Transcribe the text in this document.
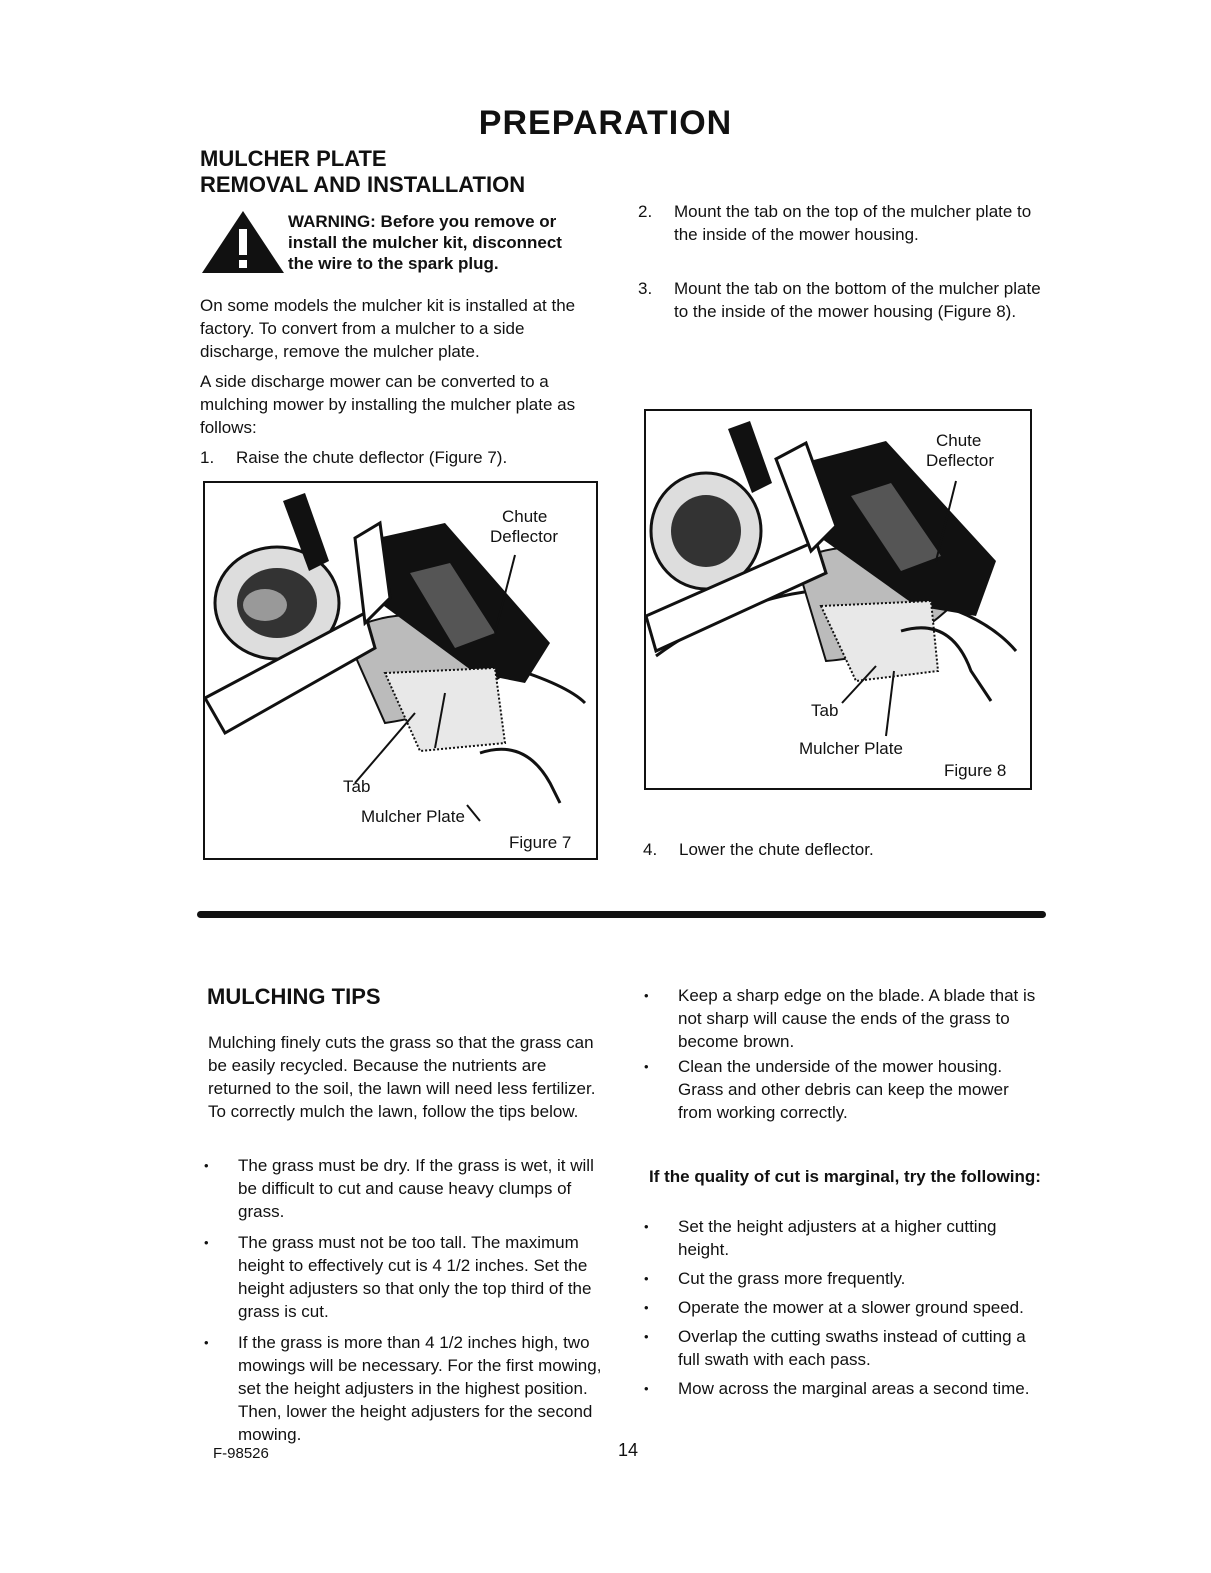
PREPARATION
MULCHER PLATE
REMOVAL AND INSTALLATION
WARNING: Before you remove or install the mulcher kit, disconnect the wire to the spark plug.

On some models the mulcher kit is installed at the factory. To convert from a mulcher to a side discharge, remove the mulcher plate.

A side discharge mower can be converted to a mulching mower by installing the mulcher plate as follows:

1. Raise the chute deflector (Figure 7).
Chute
Deflector
Tab
Mulcher Plate
Figure 7
2. Mount the tab on the top of the mulcher plate to the inside of the mower housing.
3. Mount the tab on the bottom of the mulcher plate to the inside of the mower housing (Figure 8).
Chute
Deflector
Tab
Mulcher Plate
Figure 8
4. Lower the chute deflector.
MULCHING TIPS

Mulching finely cuts the grass so that the grass can be easily recycled. Because the nutrients are returned to the soil, the lawn will need less fertilizer. To correctly mulch the lawn, follow the tips below.

• The grass must be dry. If the grass is wet, it will be difficult to cut and cause heavy clumps of grass.
• The grass must not be too tall. The maximum height to effectively cut is 4 1/2 inches. Set the height adjusters so that only the top third of the grass is cut.
• If the grass is more than 4 1/2 inches high, two mowings will be necessary. For the first mowing, set the height adjusters in the highest position. Then, lower the height adjusters for the second mowing.
• Keep a sharp edge on the blade. A blade that is not sharp will cause the ends of the grass to become brown.
• Clean the underside of the mower housing. Grass and other debris can keep the mower from working correctly.
If the quality of cut is marginal, try the following:
• Set the height adjusters at a higher cutting height.
• Cut the grass more frequently.
• Operate the mower at a slower ground speed.
• Overlap the cutting swaths instead of cutting a full swath with each pass.
• Mow across the marginal areas a second time.
F-98526	14
